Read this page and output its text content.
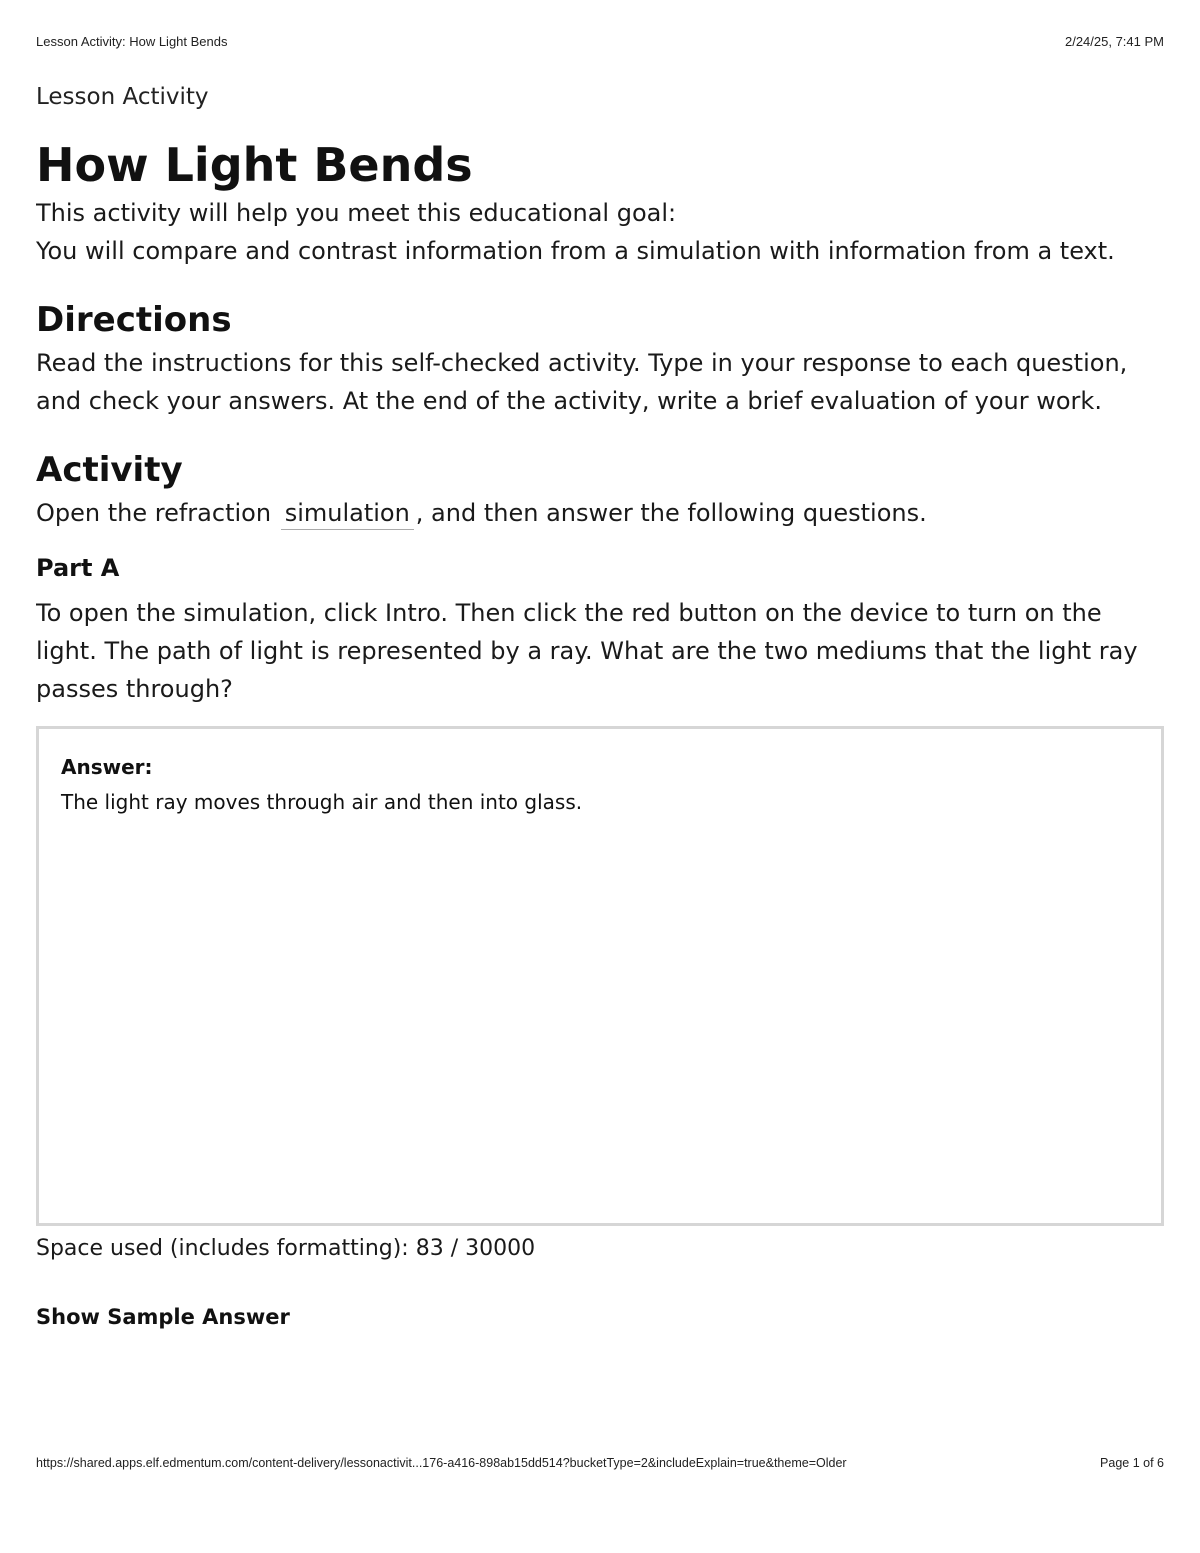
Lesson Activity: How Light Bends	2/24/25, 7:41 PM

Lesson Activity

How Light Bends

This activity will help you meet this educational goal:

You will compare and contrast information from a simulation with information from a text.

Directions

Read the instructions for this self-checked activity. Type in your response to each question, and check your answers. At the end of the activity, write a brief evaluation of your work.

Activity

Open the refraction simulation , and then answer the following questions.

Part A

To open the simulation, click Intro. Then click the red button on the device to turn on the light. The path of light is represented by a ray. What are the two mediums that the light ray passes through?

Answer:

The light ray moves through air and then into glass.

Space used (includes formatting): 83 / 30000

Show Sample Answer

https://shared.apps.elf.edmentum.com/content-delivery/lessonactivit...176-a416-898ab15dd514?bucketType=2&includeExplain=true&theme=Older	Page 1 of 6
